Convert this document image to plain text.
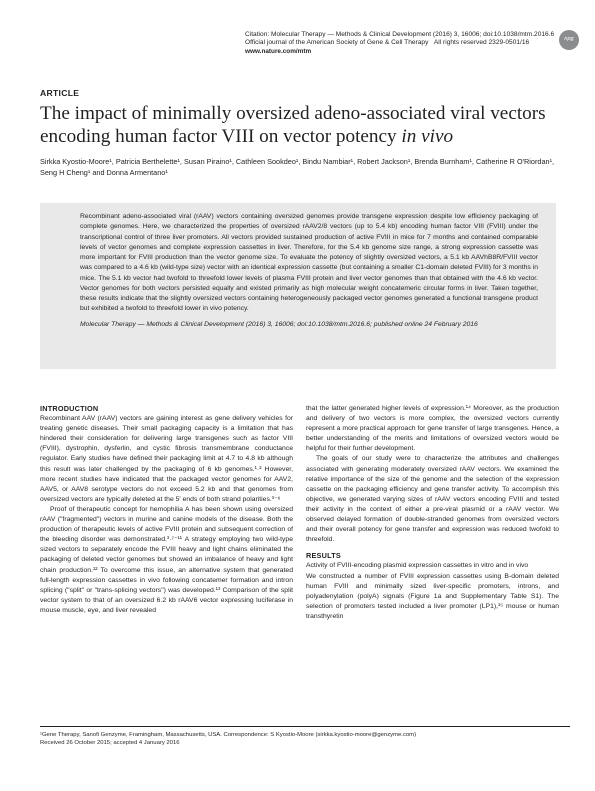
Citation: Molecular Therapy — Methods & Clinical Development (2016) 3, 16006; doi:10.1038/mtm.2016.6
Official journal of the American Society of Gene & Cell Therapy All rights reserved 2329-0501/16
www.nature.com/mtm
npg
ARTICLE
The impact of minimally oversized adeno-associated viral vectors encoding human factor VIII on vector potency in vivo
Sirkka Kyostio-Moore¹, Patricia Berthelette¹, Susan Piraino¹, Cathleen Sookdeo¹, Bindu Nambiar¹, Robert Jackson¹, Brenda Burnham¹, Catherine R O'Riordan¹, Seng H Cheng¹ and Donna Armentano¹

Recombinant adeno-associated viral (rAAV) vectors containing oversized genomes provide transgene expression despite low efficiency packaging of complete genomes. Here, we characterized the properties of oversized rAAV2/8 vectors (up to 5.4 kb) encoding human factor VIII (FVIII) under the transcriptional control of three liver promoters. All vectors provided sustained production of active FVIII in mice for 7 months and contained comparable levels of vector genomes and complete expression cassettes in liver. Therefore, for the 5.4 kb genome size range, a strong expression cassette was more important for FVIII production than the vector genome size. To evaluate the potency of slightly oversized vectors, a 5.1 kb AAVhB8R/FVIII vector was compared to a 4.6 kb (wild-type size) vector with an identical expression cassette (but containing a smaller C1-domain deleted FVIII) for 3 months in mice. The 5.1 kb vector had twofold to threefold lower levels of plasma FVIII protein and liver vector genomes than that obtained with the 4.6 kb vector. Vector genomes for both vectors persisted equally and existed primarily as high molecular weight concatemeric circular forms in liver. Taken together, these results indicate that the slightly oversized vectors containing heterogeneously packaged vector genomes generated a functional transgene product but exhibited a twofold to threefold lower in vivo potency.

Molecular Therapy — Methods & Clinical Development (2016) 3, 16006; doi:10.1038/mtm.2016.6; published online 24 February 2016

INTRODUCTION

Recombinant AAV (rAAV) vectors are gaining interest as gene delivery vehicles for treating genetic diseases. Their small packaging capacity is a limitation that has hindered their consideration for delivering large transgenes such as factor VIII (FVIII), dystrophin, dysferlin, and cystic fibrosis transmembrane conductance regulator. Early studies have defined their packaging limit at 4.7 to 4.8 kb although this result was later challenged by the packaging of 6 kb genomes.¹·² However, more recent studies have indicated that the packaged vector genomes for AAV2, AAV5, or AAV8 serotype vectors do not exceed 5.2 kb and that genomes from oversized vectors are typically deleted at the 5′ ends of both strand polarities.³⁻⁶

Proof of therapeutic concept for hemophilia A has been shown using oversized rAAV ("fragmented") vectors in murine and canine models of the disease. Both the production of therapeutic levels of active FVIII protein and subsequent correction of the bleeding disorder was demonstrated.³·⁷⁻¹¹ A strategy employing two wild-type sized vectors to separately encode the FVIII heavy and light chains eliminated the packaging of deleted vector genomes but showed an imbalance of heavy and light chain production.¹² To overcome this issue, an alternative system that generated full-length expression cassettes in vivo following concatemer formation and intron splicing ("split" or "trans-splicing vectors") was developed.¹³ Comparison of the split vector system to that of an oversized 6.2 kb rAAV6 vector expressing luciferase in mouse muscle, eye, and liver revealed

that the latter generated higher levels of expression.¹⁴ Moreover, as the production and delivery of two vectors is more complex, the oversized vectors currently represent a more practical approach for gene transfer of large transgenes. Hence, a better understanding of the merits and limitations of oversized vectors would be helpful for their further development.

The goals of our study were to characterize the attributes and challenges associated with generating moderately oversized rAAV vectors. We examined the relative importance of the size of the genome and the selection of the expression cassette on the packaging efficiency and gene transfer activity. To accomplish this objective, we generated varying sizes of rAAV vectors encoding FVIII and tested their activity in the context of either a pre-viral plasmid or a rAAV vector. We observed delayed formation of double-stranded genomes from oversized vectors and their overall potency for gene transfer and expression was reduced twofold to threefold.

RESULTS

Activity of FVIII-encoding plasmid expression cassettes in vitro and in vivo

We constructed a number of FVIII expression cassettes using B-domain deleted human FVIII and minimally sized liver-specific promoters, introns, and polyadenylation (polyA) signals (Figure 1a and Supplementary Table S1). The selection of promoters tested included a liver promoter (LP1),¹⁵ mouse or human transthyretin

¹Gene Therapy, Sanofi Genzyme, Framingham, Massachusetts, USA. Correspondence: S Kyostio-Moore (sirkka.kyostio-moore@genzyme.com)
Received 26 October 2015; accepted 4 January 2016
